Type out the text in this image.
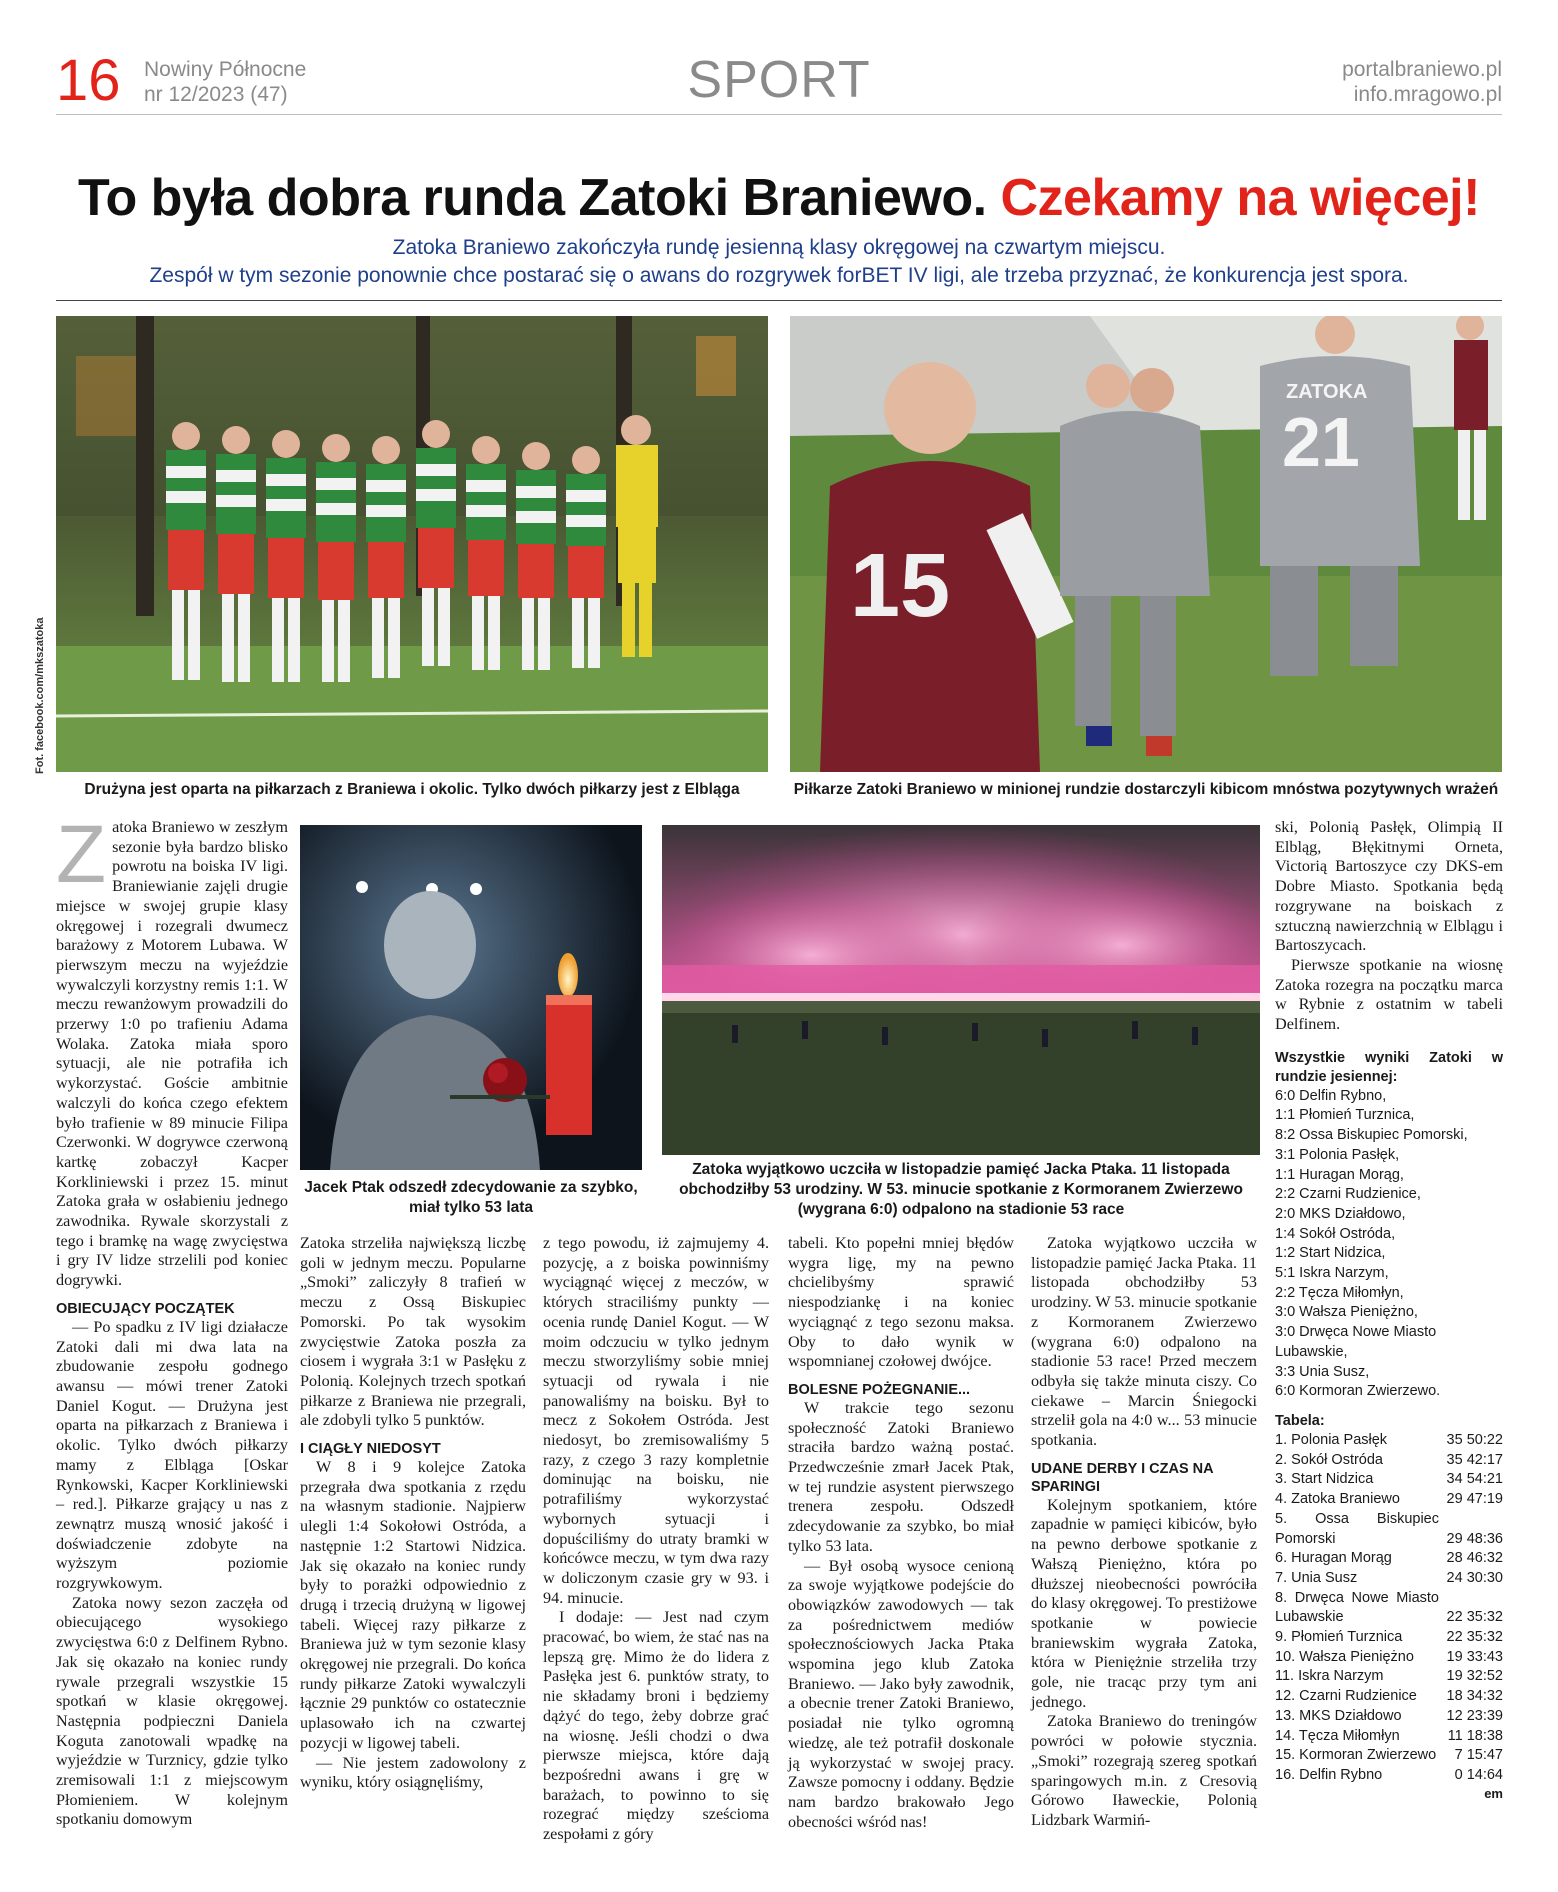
16 Nowiny Północne
nr 12/2023 (47)	SPORT	portalbraniewo.pl
info.mragowo.pl
To była dobra runda Zatoki Braniewo. Czekamy na więcej!
Zatoka Braniewo zakończyła rundę jesienną klasy okręgowej na czwartym miejscu.
Zespół w tym sezonie ponownie chce postarać się o awans do rozgrywek forBET IV ligi, ale trzeba przyznać, że konkurencja jest spora.
Fot. facebook.com/mkszatoka
Drużyna jest oparta na piłkarzach z Braniewa i okolic. Tylko dwóch piłkarzy jest z Elbląga
15
ZATOKA
21
Piłkarze Zatoki Braniewo w minionej rundzie dostarczyli kibicom mnóstwa pozytywnych wrażeń
Jacek Ptak odszedł zdecydowanie za szybko, miał tylko 53 lata
Zatoka wyjątkowo uczciła w listopadzie pamięć Jacka Ptaka. 11 listopada obchodziłby 53 urodziny. W 53. minucie spotkanie z Kormoranem Zwierzewo (wygrana 6:0) odpalono na stadionie 53 race

Zatoka Braniewo w zeszłym sezonie była bardzo blisko powrotu na boiska IV ligi. Braniewianie zajęli drugie miejsce w swojej grupie klasy okręgowej i rozegrali dwumecz barażowy z Motorem Lubawa. W pierwszym meczu na wyjeździe wywalczyli korzystny remis 1:1. W meczu rewanżowym prowadzili do przerwy 1:0 po trafieniu Adama Wolaka. Zatoka miała sporo sytuacji, ale nie potrafiła ich wykorzystać. Goście ambitnie walczyli do końca czego efektem było trafienie w 89 minucie Filipa Czerwonki. W dogrywce czerwoną kartkę zobaczył Kacper Korkliniewski i przez 15. minut Zatoka grała w osłabieniu jednego zawodnika. Rywale skorzystali z tego i bramkę na wagę zwycięstwa i gry IV lidze strzelili pod koniec dogrywki.

OBIECUJĄCY POCZĄTEK

— Po spadku z IV ligi działacze Zatoki dali mi dwa lata na zbudowanie zespołu godnego awansu — mówi trener Zatoki Daniel Kogut. — Drużyna jest oparta na piłkarzach z Braniewa i okolic. Tylko dwóch piłkarzy mamy z Elbląga [Oskar Rynkowski, Kacper Korkliniewski – red.]. Piłkarze grający u nas z zewnątrz muszą wnosić jakość i doświadczenie zdobyte na wyższym poziomie rozgrywkowym.

Zatoka nowy sezon zaczęła od obiecującego wysokiego zwycięstwa 6:0 z Delfinem Rybno. Jak się okazało na koniec rundy rywale przegrali wszystkie 15 spotkań w klasie okręgowej. Następnia podpieczni Daniela Koguta zanotowali wpadkę na wyjeździe w Turznicy, gdzie tylko zremisowali 1:1 z miejscowym Płomieniem. W kolejnym spotkaniu domowym

Zatoka strzeliła największą liczbę goli w jednym meczu. Popularne „Smoki” zaliczyły 8 trafień w meczu z Ossą Biskupiec Pomorski. Po tak wysokim zwycięstwie Zatoka poszła za ciosem i wygrała 3:1 w Pasłęku z Polonią. Kolejnych trzech spotkań piłkarze z Braniewa nie przegrali, ale zdobyli tylko 5 punktów.

I CIĄGŁY NIEDOSYT

W 8 i 9 kolejce Zatoka przegrała dwa spotkania z rzędu na własnym stadionie. Najpierw ulegli 1:4 Sokołowi Ostróda, a następnie 1:2 Startowi Nidzica. Jak się okazało na koniec rundy były to porażki odpowiednio z drugą i trzecią drużyną w ligowej tabeli. Więcej razy piłkarze z Braniewa już w tym sezonie klasy okręgowej nie przegrali. Do końca rundy piłkarze Zatoki wywalczyli łącznie 29 punktów co ostatecznie uplasowało ich na czwartej pozycji w ligowej tabeli.

— Nie jestem zadowolony z wyniku, który osiągnęliśmy,

z tego powodu, iż zajmujemy 4. pozycję, a z boiska powinniśmy wyciągnąć więcej z meczów, w których straciliśmy punkty — ocenia rundę Daniel Kogut. — W moim odczuciu w tylko jednym meczu stworzyliśmy sobie mniej sytuacji od rywala i nie panowaliśmy na boisku. Był to mecz z Sokołem Ostróda. Jest niedosyt, bo zremisowaliśmy 5 razy, z czego 3 razy kompletnie dominując na boisku, nie potrafiliśmy wykorzystać wybornych sytuacji i dopuściliśmy do utraty bramki w końcówce meczu, w tym dwa razy w doliczonym czasie gry w 93. i 94. minucie.

I dodaje: — Jest nad czym pracować, bo wiem, że stać nas na lepszą grę. Mimo że do lidera z Pasłęka jest 6. punktów straty, to nie składamy broni i będziemy dążyć do tego, żeby dobrze grać na wiosnę. Jeśli chodzi o dwa pierwsze miejsca, które dają bezpośredni awans i grę w barażach, to powinno to się rozegrać między sześcioma zespołami z góry

tabeli. Kto popełni mniej błędów wygra ligę, my na pewno chcielibyśmy sprawić niespodziankę i na koniec wyciągnąć z tego sezonu maksa. Oby to dało wynik w wspomnianej czołowej dwójce.

BOLESNE POŻEGNANIE...

W trakcie tego sezonu społeczność Zatoki Braniewo straciła bardzo ważną postać. Przedwcześnie zmarł Jacek Ptak, w tej rundzie asystent pierwszego trenera zespołu. Odszedł zdecydowanie za szybko, bo miał tylko 53 lata.

— Był osobą wysoce cenioną za swoje wyjątkowe podejście do obowiązków zawodowych — tak za pośrednictwem mediów społecznościowych Jacka Ptaka wspomina jego klub Zatoka Braniewo. — Jako były zawodnik, a obecnie trener Zatoki Braniewo, posiadał nie tylko ogromną wiedzę, ale też potrafił doskonale ją wykorzystać w swojej pracy. Zawsze pomocny i oddany. Będzie nam bardzo brakowało Jego obecności wśród nas!

Zatoka wyjątkowo uczciła w listopadzie pamięć Jacka Ptaka. 11 listopada obchodziłby 53 urodziny. W 53. minucie spotkanie z Kormoranem Zwierzewo (wygrana 6:0) odpalono na stadionie 53 race! Przed meczem odbyła się także minuta ciszy. Co ciekawe – Marcin Śniegocki strzelił gola na 4:0 w... 53 minucie spotkania.

UDANE DERBY I CZAS NA SPARINGI

Kolejnym spotkaniem, które zapadnie w pamięci kibiców, było na pewno derbowe spotkanie z Wałszą Pieniężno, która po dłuższej nieobecności powróciła do klasy okręgowej. To prestiżowe spotkanie w powiecie braniewskim wygrała Zatoka, która w Pieniężnie strzeliła trzy gole, nie tracąc przy tym ani jednego.

Zatoka Braniewo do treningów powróci w połowie stycznia. „Smoki” rozegrają szereg spotkań sparingowych m.in. z Cresovią Górowo Iławeckie, Polonią Lidzbark Warmiń-

ski, Polonią Pasłęk, Olimpią II Elbląg, Błękitnymi Orneta, Victorią Bartoszyce czy DKS-em Dobre Miasto. Spotkania będą rozgrywane na boiskach z sztuczną nawierzchnią w Elblągu i Bartoszycach.

Pierwsze spotkanie na wiosnę Zatoka rozegra na początku marca w Rybnie z ostatnim w tabeli Delfinem.

Wszystkie wyniki Zatoki w rundzie jesiennej:
6:0 Delfin Rybno,
1:1 Płomień Turznica,
8:2 Ossa Biskupiec Pomorski,
3:1 Polonia Pasłęk,
1:1 Huragan Morąg,
2:2 Czarni Rudzienice,
2:0 MKS Działdowo,
1:4 Sokół Ostróda,
1:2 Start Nidzica,
5:1 Iskra Narzym,
2:2 Tęcza Miłomłyn,
3:0 Wałsza Pieniężno,
3:0 Drwęca Nowe Miasto Lubawskie,
3:3 Unia Susz,
6:0 Kormoran Zwierzewo.
Tabela:
1. Polonia Pasłęk	35 50:22
2. Sokół Ostróda	35 42:17
3. Start Nidzica	34 54:21
4. Zatoka Braniewo	29 47:19
5. Ossa Biskupiec Pomorski	29 48:36
6. Huragan Morąg	28 46:32
7. Unia Susz	24 30:30
8. Drwęca Nowe Miasto Lubawskie	22 35:32
9. Płomień Turznica	22 35:32
10. Wałsza Pieniężno	19 33:43
11. Iskra Narzym	19 32:52
12. Czarni Rudzienice	18 34:32
13. MKS Działdowo	12 23:39
14. Tęcza Miłomłyn	11 18:38
15. Kormoran Zwierzewo	7 15:47
16. Delfin Rybno	0 14:64
em
